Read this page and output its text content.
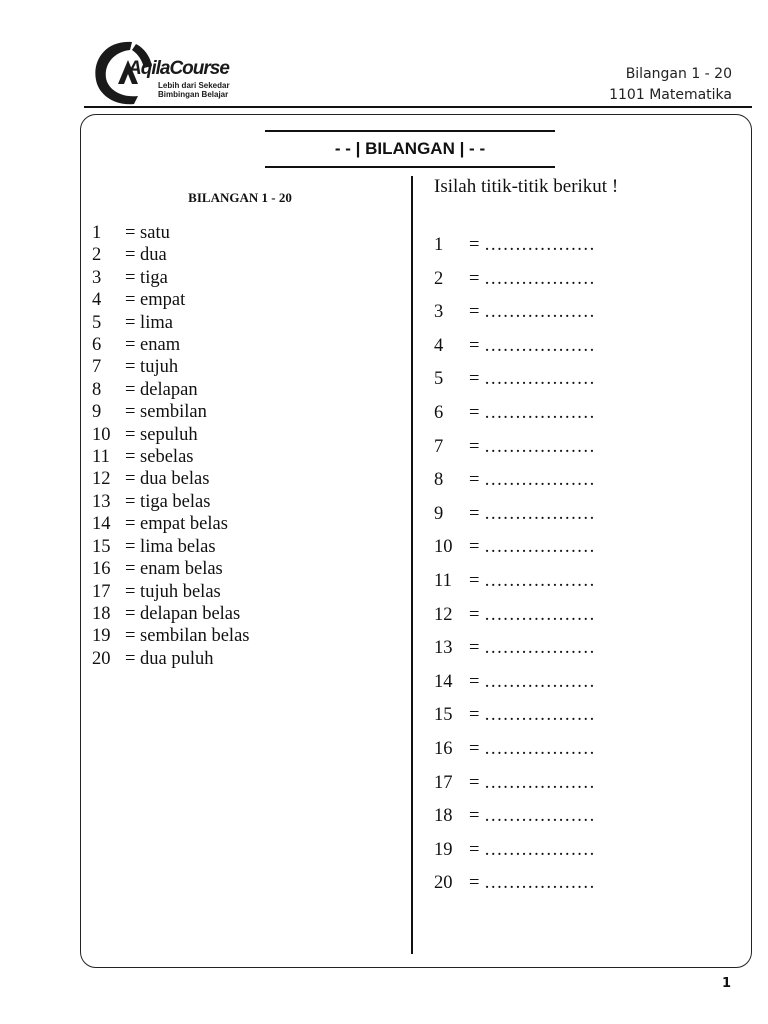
AqilaCourse
Lebih dari Sekedar
Bimbingan Belajar
Bilangan 1 - 20
1101 Matematika
- - | BILANGAN | - -
BILANGAN 1 - 20
1	= satu
2	= dua
3	= tiga
4	= empat
5	= lima
6	= enam
7	= tujuh
8	= delapan
9	= sembilan
10 = sepuluh
11 = sebelas
12 = dua belas
13 = tiga belas
14 = empat belas
15 = lima belas
16 = enam belas
17 = tujuh belas
18 = delapan belas
19 = sembilan belas
20 = dua puluh
Isilah titik-titik berikut !
1	= ………………
2	= ………………
3	= ………………
4	= ………………
5	= ………………
6	= ………………
7	= ………………
8	= ………………
9	= ………………
10 = ………………
11 = ………………
12 = ………………
13 = ………………
14 = ………………
15 = ………………
16 = ………………
17 = ………………
18 = ………………
19 = ………………
20 = ………………
1
